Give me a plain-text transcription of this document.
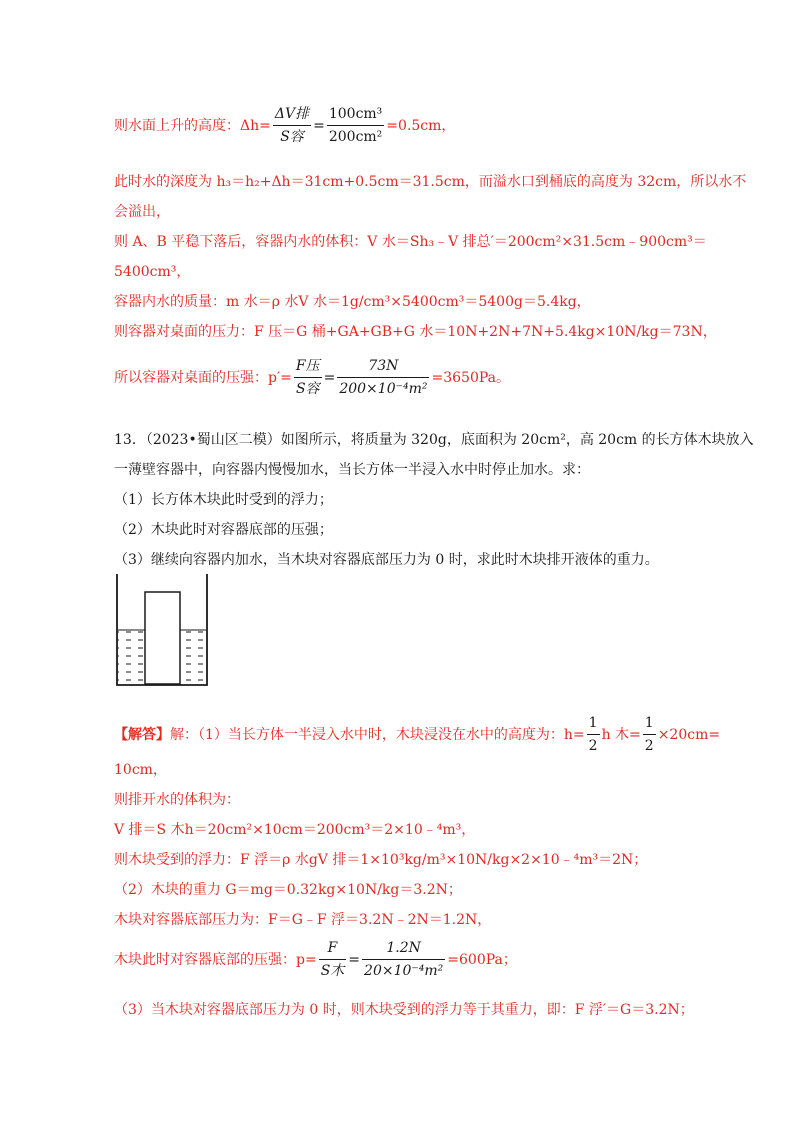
则水面上升的高度：$\Delta h = \frac{\text{ΔV排}}{\text{S容}} = \frac{\text{100cm³}}{\text{200cm²}} = 0.5cm$，
此时水的深度为 h₃＝h₂+Δh＝31cm+0.5cm＝31.5cm，而溢水口到桶底的高度为 32cm，所以水不
会溢出，
则 A、B 平稳下落后，容器内水的体积：V 水＝Sh₃﹣V 排总′＝200cm²×31.5cm﹣900cm³＝
5400cm³，
容器内水的质量：m 水＝ρ 水V 水＝1g/cm³×5400cm³＝5400g＝5.4kg，
则容器对桌面的压力：F 压＝G 桶+GA+GB+G 水＝10N+2N+7N+5.4kg×10N/kg＝73N，
所以容器对桌面的压强：$p' = \frac{\text{F压}}{\text{S容}} = \frac{73N}{\text{200×10⁻⁴m²}} = 3650Pa$。
13．（2023•蜀山区二模）如图所示，将质量为 320g，底面积为 20cm²，高 20cm 的长方体木块放入
一薄壁容器中，向容器内慢慢加水，当长方体一半浸入水中时停止加水。求：
（1）长方体木块此时受到的浮力；
（2）木块此时对容器底部的压强；
（3）继续向容器内加水，当木块对容器底部压力为 0 时，求此时木块排开液体的重力。
【解答】 解：（1）当长方体一半浸入水中时，木块浸没在水中的高度为：$h= \frac{1}{2}$ h 木= $\frac{1}{2} \times 20cm=$
10cm，
则排开水的体积为：
V 排＝S 木h＝20cm²×10cm＝200cm³＝2×10﹣⁴m³，
则木块受到的浮力：F 浮＝ρ 水gV 排＝1×10³kg/m³×10N/kg×2×10﹣⁴m³＝2N；
（2）木块的重力 G＝mg＝0.32kg×10N/kg＝3.2N；
木块对容器底部压力为：F＝G﹣F 浮＝3.2N﹣2N＝1.2N，
木块此时对容器底部的压强：$p= \frac{F}{\text{S木}} = \frac{1.2N}{\text{20×10⁻⁴m²}} =600Pa$；
（3）当木块对容器底部压力为 0 时，则木块受到的浮力等于其重力，即：F 浮′＝G＝3.2N；
